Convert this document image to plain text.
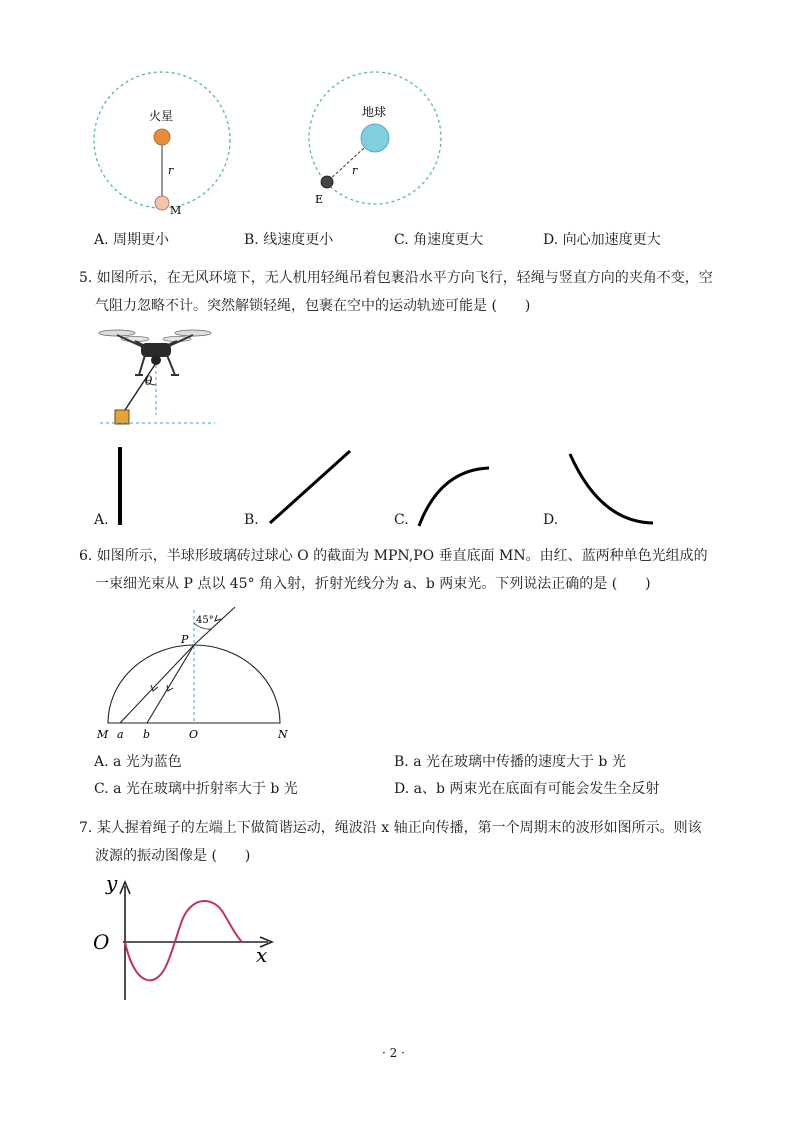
火星
r
M
地球
r
E
A. 周期更小	B. 线速度更小	C. 角速度更大	D. 向心加速度更大
5. 如图所示，在无风环境下，无人机用轻绳吊着包裹沿水平方向飞行，轻绳与竖直方向的夹角不变，空
气阻力忽略不计。突然解锁轻绳，包裹在空中的运动轨迹可能是 (　　)
θ
A.	B.	C.	D.
6. 如图所示，半球形玻璃砖过球心 O 的截面为 MPN,PO 垂直底面 MN。由红、蓝两种单色光组成的
一束细光束从 P 点以 45° 角入射，折射光线分为 a、b 两束光。下列说法正确的是 (　　)
45°
P
M a b	O	N
A. a 光为蓝色	B. a 光在玻璃中传播的速度大于 b 光
C. a 光在玻璃中折射率大于 b 光	D. a、b 两束光在底面有可能会发生全反射
7. 某人握着绳子的左端上下做简谐运动，绳波沿 x 轴正向传播，第一个周期末的波形如图所示。则该
波源的振动图像是 (　　)
y
x
O
· 2 ·
